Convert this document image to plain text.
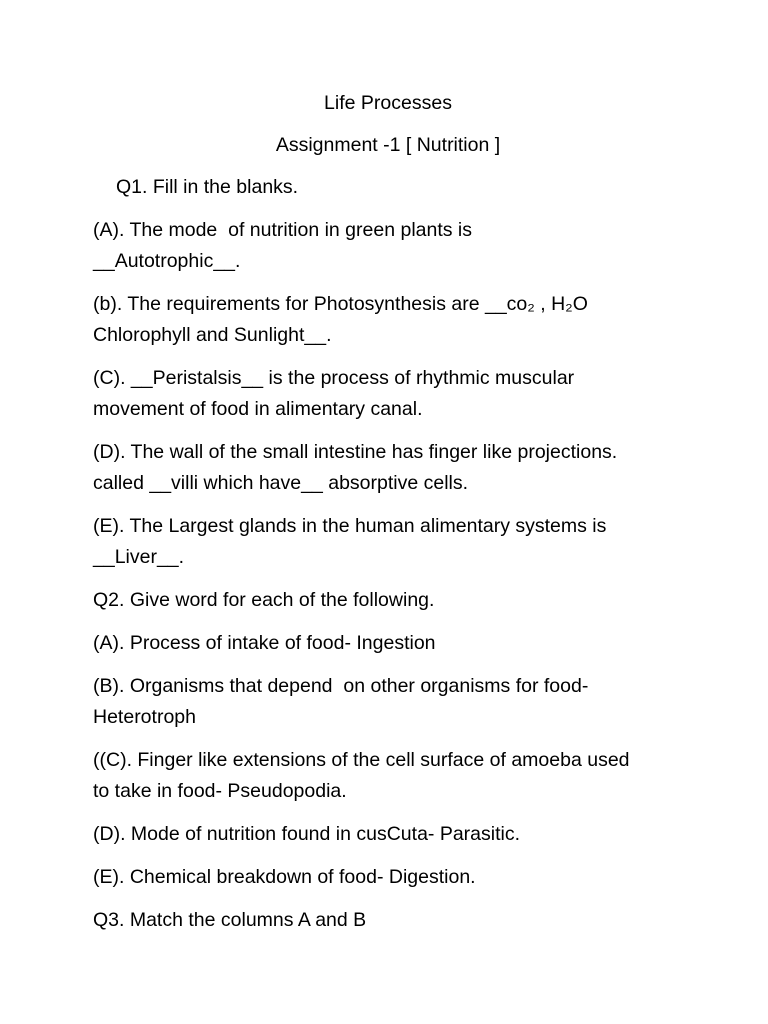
Life Processes

Assignment -1 [ Nutrition ]

Q1. Fill in the blanks.

(A). The mode  of nutrition in green plants is
__Autotrophic__.
(b). The requirements for Photosynthesis are __co₂ , H₂O
Chlorophyll and Sunlight__.
(C). __Peristalsis__ is the process of rhythmic muscular
movement of food in alimentary canal.
(D). The wall of the small intestine has finger like projections.
called __villi which have__ absorptive cells.
(E). The Largest glands in the human alimentary systems is
__Liver__.

Q2. Give word for each of the following.

(A). Process of intake of food- Ingestion
(B). Organisms that depend  on other organisms for food-
Heterotroph
((C). Finger like extensions of the cell surface of amoeba used
to take in food- Pseudopodia.
(D). Mode of nutrition found in cusCuta- Parasitic.
(E). Chemical breakdown of food- Digestion.

Q3. Match the columns A and B
